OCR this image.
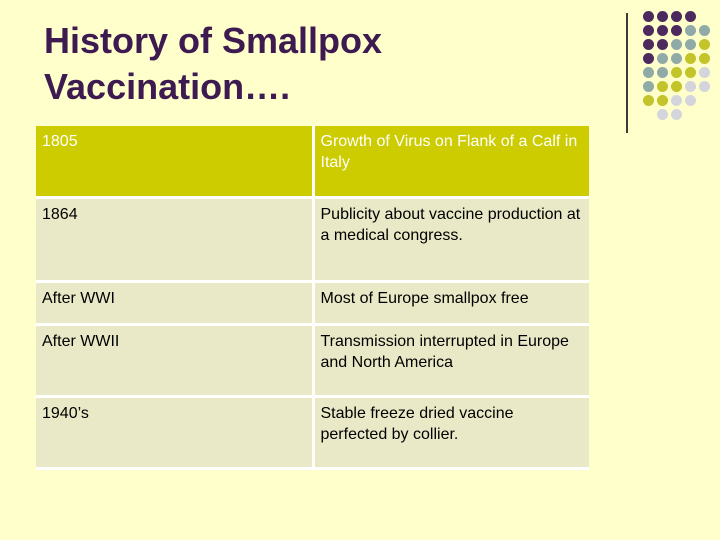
History of Smallpox
Vaccination….
1805	Growth of Virus on Flank of a Calf in Italy
1864	Publicity about vaccine production at a medical congress.
After WWI	Most of Europe smallpox free
After WWII	Transmission interrupted in Europe and North America
1940’s	Stable freeze dried vaccine perfected by collier.
